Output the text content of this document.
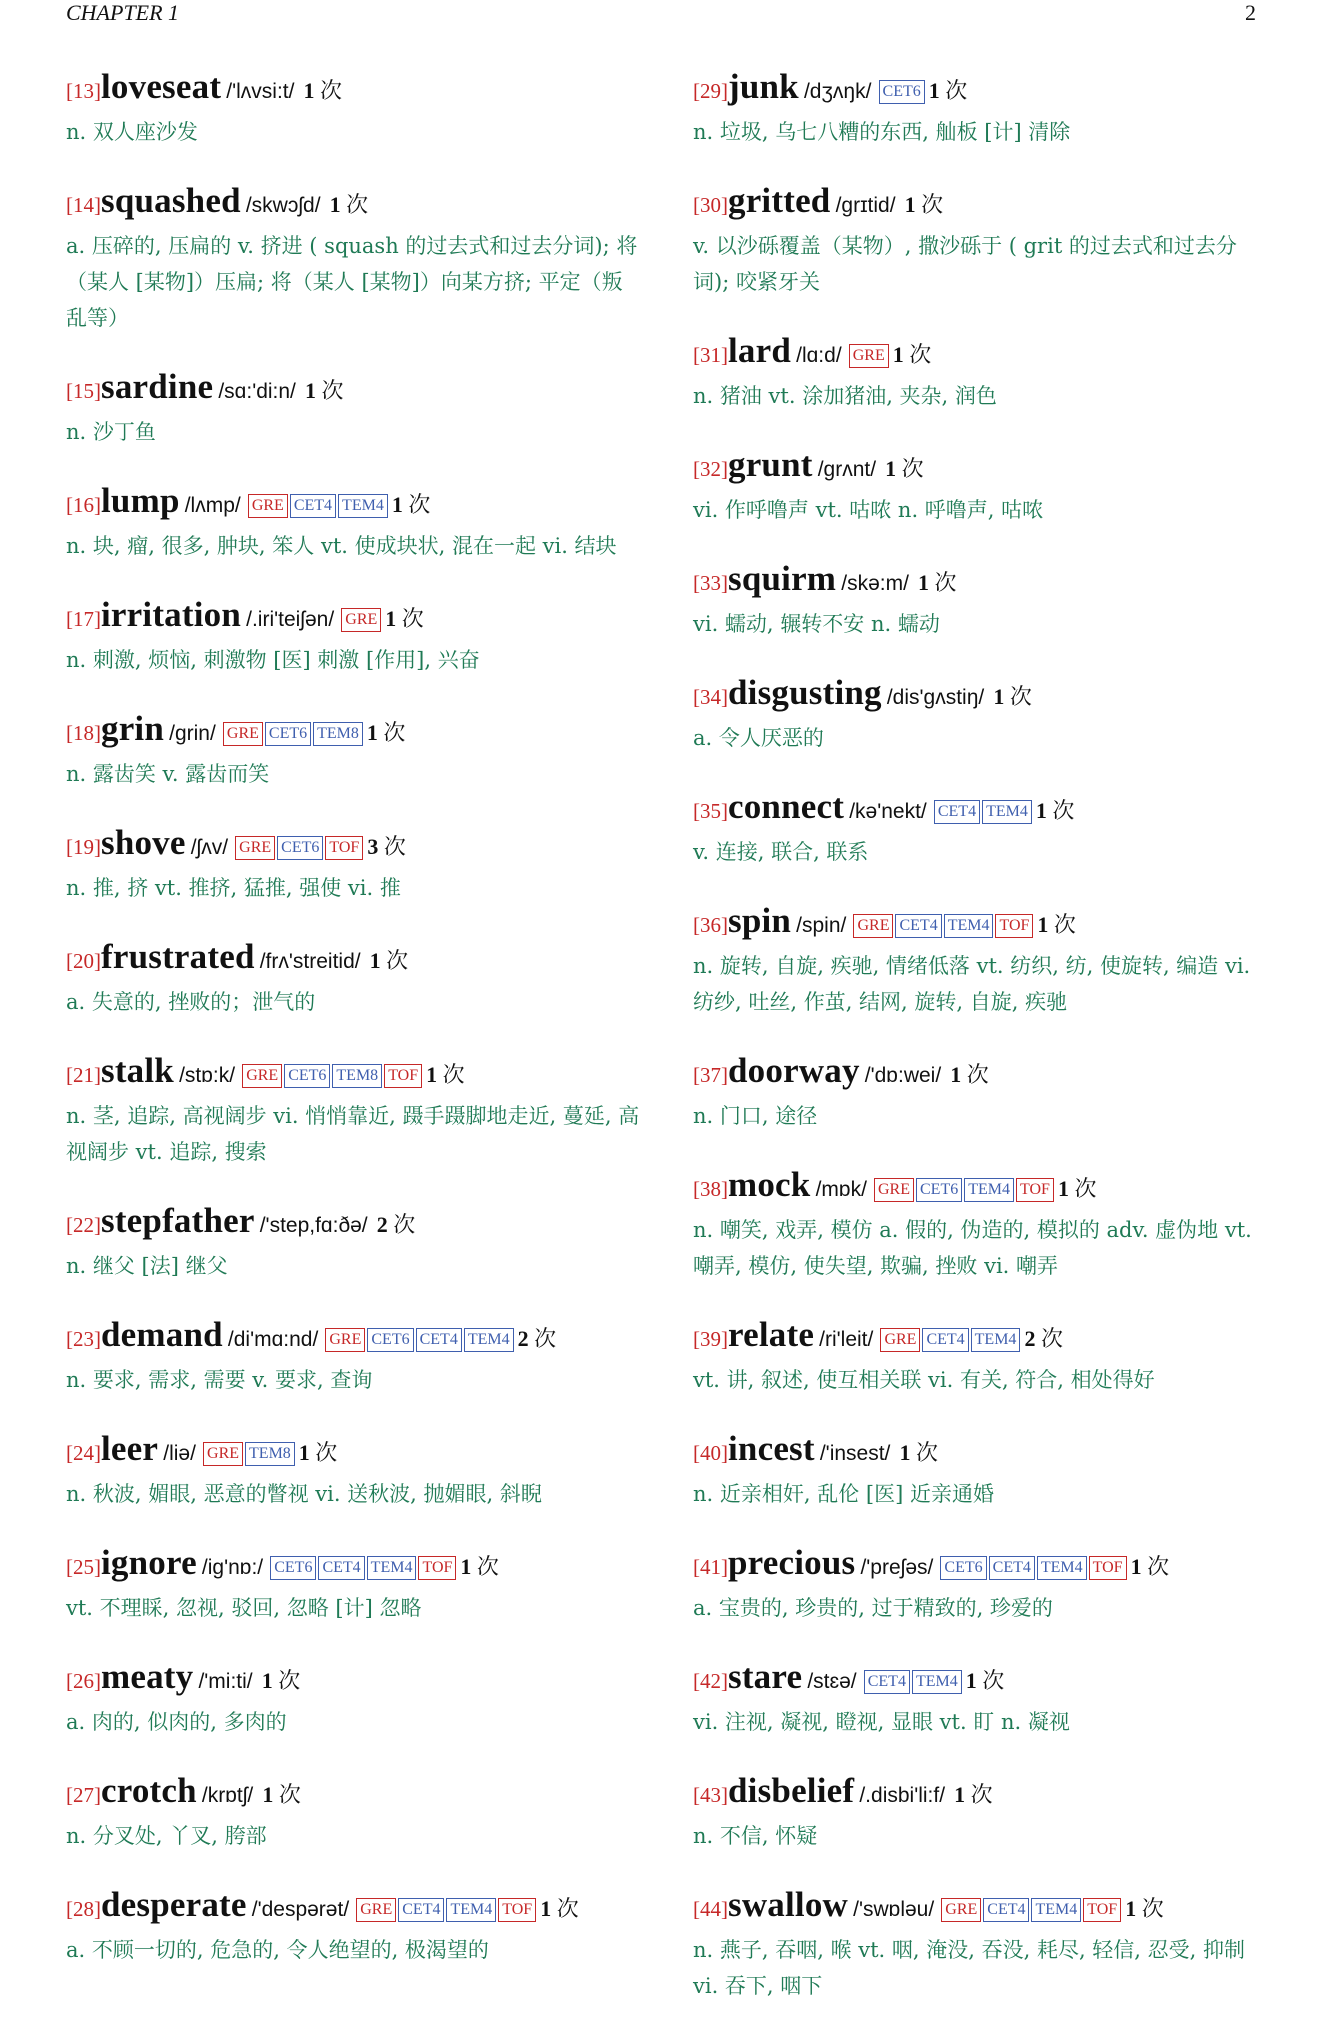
CHAPTER 1	2
[13]loveseat /'lʌvsi:t/ 1 次
n. 双人座沙发
[14]squashed /skwɔʃd/ 1 次
a. 压碎的, 压扁的 v. 挤进 ( squash 的过去式和过去分词); 将（某人 [某物]）压扁; 将（某人 [某物]）向某方挤; 平定（叛乱等）
[15]sardine /sɑ:'di:n/ 1 次
n. 沙丁鱼
[16]lump /lʌmp/ GRE CET4 TEM4 1 次
n. 块, 瘤, 很多, 肿块, 笨人 vt. 使成块状, 混在一起 vi. 结块
[17]irritation /.iri'teiʃən/ GRE 1 次
n. 刺激, 烦恼, 刺激物 [医] 刺激 [作用], 兴奋
[18]grin /grin/ GRE CET6 TEM8 1 次
n. 露齿笑 v. 露齿而笑
[19]shove /ʃʌv/ GRE CET6 TOF 3 次
n. 推, 挤 vt. 推挤, 猛推, 强使 vi. 推
[20]frustrated /frʌ'streitid/ 1 次
a. 失意的, 挫败的；泄气的
[21]stalk /stɒ:k/ GRE CET6 TEM8 TOF 1 次
n. 茎, 追踪, 高视阔步 vi. 悄悄靠近, 蹑手蹑脚地走近, 蔓延, 高视阔步 vt. 追踪, 搜索
[22]stepfather /'step,fɑ:ðə/ 2 次
n. 继父 [法] 继父
[23]demand /di'mɑ:nd/ GRE CET6 CET4 TEM4 2 次
n. 要求, 需求, 需要 v. 要求, 查询
[24]leer /liə/ GRE TEM8 1 次
n. 秋波, 媚眼, 恶意的瞥视 vi. 送秋波, 抛媚眼, 斜睨
[25]ignore /ig'nɒ:/ CET6 CET4 TEM4 TOF 1 次
vt. 不理睬, 忽视, 驳回, 忽略 [计] 忽略
[26]meaty /'mi:ti/ 1 次
a. 肉的, 似肉的, 多肉的
[27]crotch /krɒtʃ/ 1 次
n. 分叉处, 丫叉, 胯部
[28]desperate /'despərət/ GRE CET4 TEM4 TOF 1 次
a. 不顾一切的, 危急的, 令人绝望的, 极渴望的
[29]junk /dʒʌŋk/ CET6 1 次
n. 垃圾, 乌七八糟的东西, 舢板 [计] 清除
[30]gritted /grɪtid/ 1 次
v. 以沙砾覆盖（某物）, 撒沙砾于 ( grit 的过去式和过去分词); 咬紧牙关
[31]lard /lɑ:d/ GRE 1 次
n. 猪油 vt. 涂加猪油, 夹杂, 润色
[32]grunt /grʌnt/ 1 次
vi. 作呼噜声 vt. 咕哝 n. 呼噜声, 咕哝
[33]squirm /skə:m/ 1 次
vi. 蠕动, 辗转不安 n. 蠕动
[34]disgusting /dis'gʌstiŋ/ 1 次
a. 令人厌恶的
[35]connect /kə'nekt/ CET4 TEM4 1 次
v. 连接, 联合, 联系
[36]spin /spin/ GRE CET4 TEM4 TOF 1 次
n. 旋转, 自旋, 疾驰, 情绪低落 vt. 纺织, 纺, 使旋转, 编造 vi. 纺纱, 吐丝, 作茧, 结网, 旋转, 自旋, 疾驰
[37]doorway /'dɒ:wei/ 1 次
n. 门口, 途径
[38]mock /mɒk/ GRE CET6 TEM4 TOF 1 次
n. 嘲笑, 戏弄, 模仿 a. 假的, 伪造的, 模拟的 adv. 虚伪地 vt. 嘲弄, 模仿, 使失望, 欺骗, 挫败 vi. 嘲弄
[39]relate /ri'leit/ GRE CET4 TEM4 2 次
vt. 讲, 叙述, 使互相关联 vi. 有关, 符合, 相处得好
[40]incest /'insest/ 1 次
n. 近亲相奸, 乱伦 [医] 近亲通婚
[41]precious /'preʃəs/ CET6 CET4 TEM4 TOF 1 次
a. 宝贵的, 珍贵的, 过于精致的, 珍爱的
[42]stare /stɛə/ CET4 TEM4 1 次
vi. 注视, 凝视, 瞪视, 显眼 vt. 盯 n. 凝视
[43]disbelief /.disbi'li:f/ 1 次
n. 不信, 怀疑
[44]swallow /'swɒləu/ GRE CET4 TEM4 TOF 1 次
n. 燕子, 吞咽, 喉 vt. 咽, 淹没, 吞没, 耗尽, 轻信, 忍受, 抑制 vi. 吞下, 咽下
